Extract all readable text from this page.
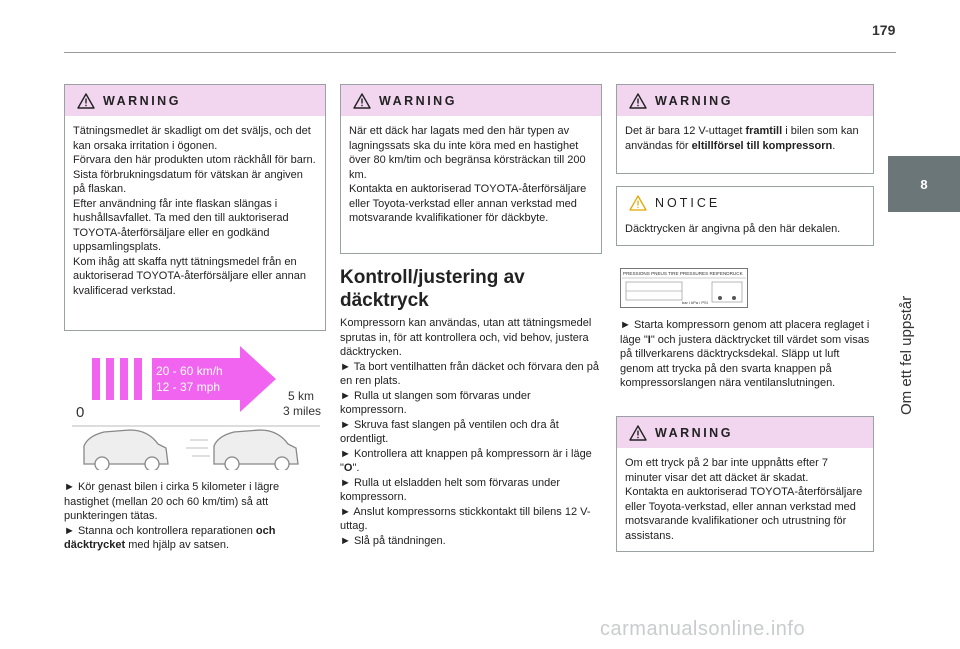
179
8
Om ett fel uppstår
WARNING

Tätningsmedlet är skadligt om det sväljs, och det kan orsaka irritation i ögonen.
Förvara den här produkten utom räckhåll för barn.
Sista förbrukningsdatum för vätskan är angiven på flaskan.
Efter användning får inte flaskan slängas i hushållsavfallet. Ta med den till auktoriserad TOYOTA-återförsäljare eller en godkänd uppsamlingsplats.
Kom ihåg att skaffa nytt tätningsmedel från en auktoriserad TOYOTA-återförsäljare eller annan kvalificerad verkstad.

20 - 60 km/h
12 - 37 mph
5 km
3 miles
0

► Kör genast bilen i cirka 5 kilometer i lägre hastighet (mellan 20 och 60 km/tim) så att punkteringen tätas.

► Stanna och kontrollera reparationen och däcktrycket med hjälp av satsen.

WARNING

När ett däck har lagats med den här typen av lagningssats ska du inte köra med en hastighet över 80 km/tim och begränsa körsträckan till 200 km.
Kontakta en auktoriserad TOYOTA-återförsäljare eller Toyota-verkstad eller annan verkstad med motsvarande kvalifikationer för däckbyte.

Kontroll/justering av däcktryck

Kompressorn kan användas, utan att tätningsmedel sprutas in, för att kontrollera och, vid behov, justera däcktrycken.

► Ta bort ventilhatten från däcket och förvara den på en ren plats.

► Rulla ut slangen som förvaras under kompressorn.

► Skruva fast slangen på ventilen och dra åt ordentligt.

► Kontrollera att knappen på kompressorn är i läge "O".

► Rulla ut elsladden helt som förvaras under kompressorn.

► Anslut kompressorns stickkontakt till bilens 12 V-uttag.

► Slå på tändningen.

WARNING

Det är bara 12 V-uttaget framtill i bilen som kan användas för eltillförsel till kompressorn.

NOTICE

Däcktrycken är angivna på den här dekalen.

PRESSIONS PNEUS TIRE PRESSURES REIFENDRUCK
bar / kPa / PSI

► Starta kompressorn genom att placera reglaget i läge "I" och justera däcktrycket till värdet som visas på tillverkarens däcktrycksdekal. Släpp ut luft genom att trycka på den svarta knappen på kompressorslangen nära ventilanslutningen.

WARNING

Om ett tryck på 2 bar inte uppnåtts efter 7 minuter visar det att däcket är skadat.
Kontakta en auktoriserad TOYOTA-återförsäljare eller Toyota-verkstad, eller annan verkstad med motsvarande kvalifikationer och utrustning för assistans.

carmanualsonline.info
